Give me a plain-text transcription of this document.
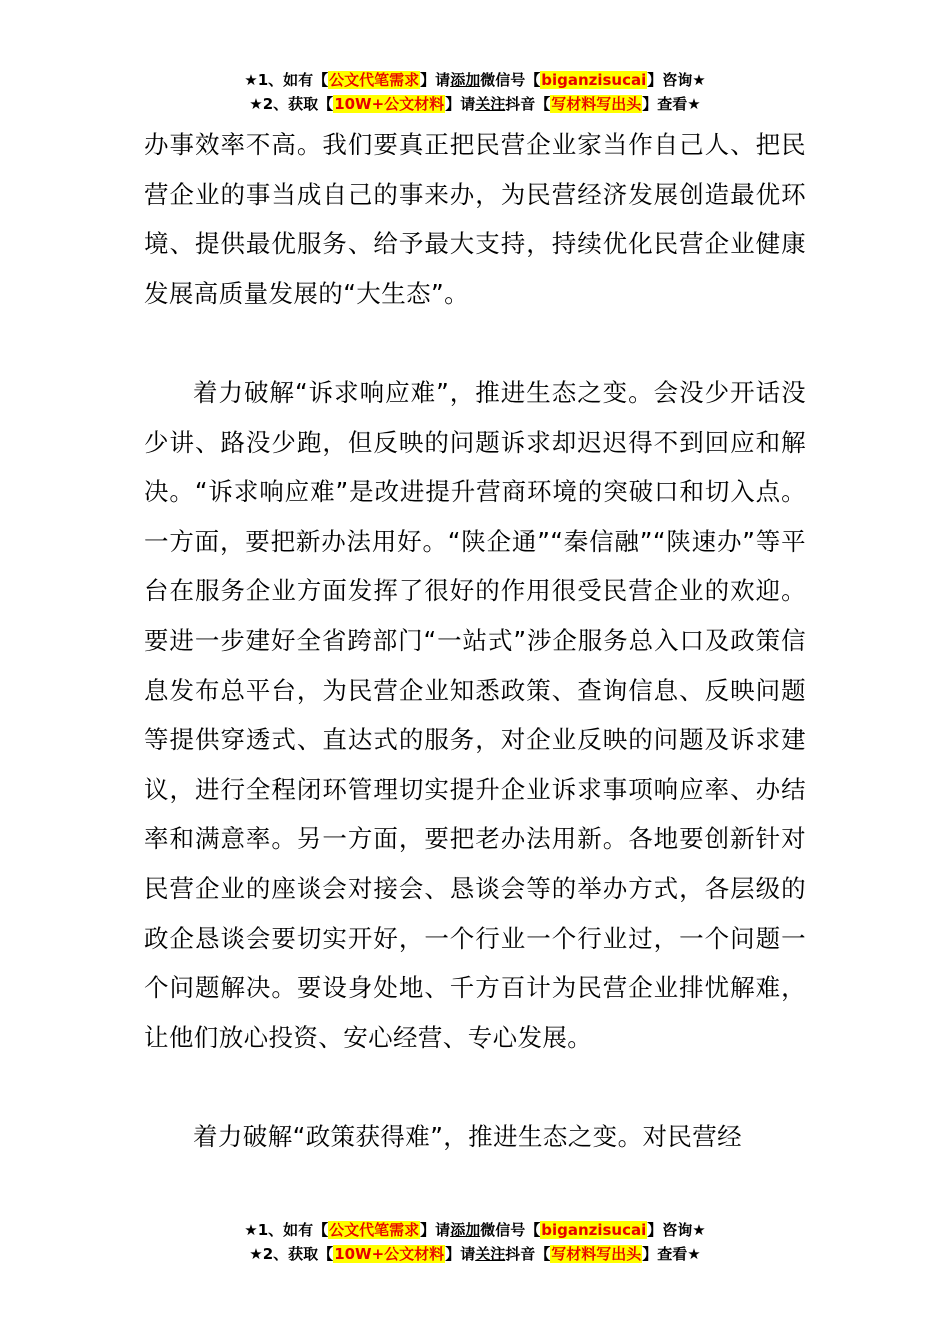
★1、如有【公文代笔需求】请添加微信号【biganzisucai】咨询★
★2、获取【10W+公文材料】请关注抖音【写材料写出头】查看★

办事效率不高。我们要真正把民营企业家当作自己人、把民营企业的事当成自己的事来办，为民营经济发展创造最优环境、提供最优服务、给予最大支持，持续优化民营企业健康发展高质量发展的“大生态”。

着力破解“诉求响应难”，推进生态之变。会没少开话没少讲、路没少跑，但反映的问题诉求却迟迟得不到回应和解决。“诉求响应难”是改进提升营商环境的突破口和切入点。一方面，要把新办法用好。“陕企通”“秦信融”“陕速办”等平台在服务企业方面发挥了很好的作用很受民营企业的欢迎。要进一步建好全省跨部门“一站式”涉企服务总入口及政策信息发布总平台，为民营企业知悉政策、查询信息、反映问题等提供穿透式、直达式的服务，对企业反映的问题及诉求建议，进行全程闭环管理切实提升企业诉求事项响应率、办结率和满意率。另一方面，要把老办法用新。各地要创新针对民营企业的座谈会对接会、恳谈会等的举办方式，各层级的政企恳谈会要切实开好，一个行业一个行业过，一个问题一个问题解决。要设身处地、千方百计为民营企业排忧解难，让他们放心投资、安心经营、专心发展。

着力破解“政策获得难”，推进生态之变。对民营经

★1、如有【公文代笔需求】请添加微信号【biganzisucai】咨询★
★2、获取【10W+公文材料】请关注抖音【写材料写出头】查看★
